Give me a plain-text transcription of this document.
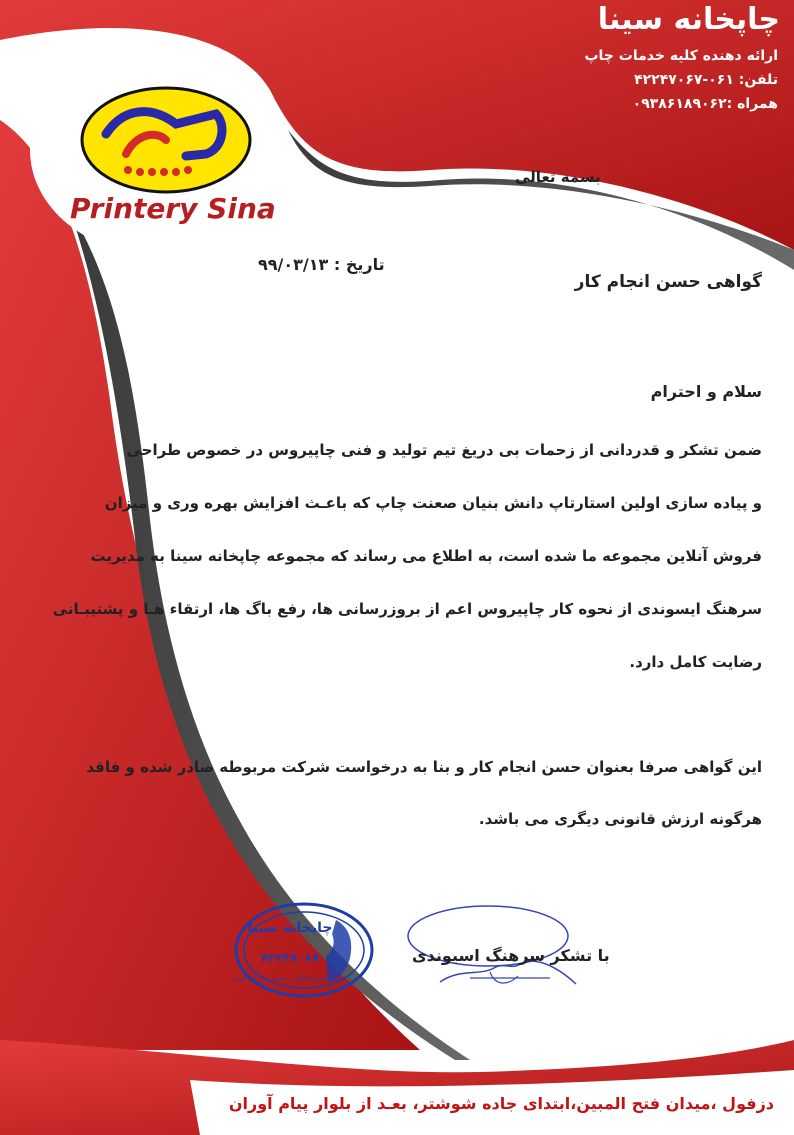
چاپخانه سینا
ارائه دهنده کلیه خدمات چاپ
تلفن: ۰۶۱-۴۲۲۴۷۰۶۷
همراه :۰۹۳۸۶۱۸۹۰۶۲
چاپ سینا
Printery Sina
بسمه تعالی
تاریخ : ۹۹/۰۳/۱۳
گواهی حسن انجام کار
سلام و احترام
ضمن تشکر و قدردانی از زحمات بی دریغ تیم تولید و فنی چاپیروس در خصوص طراحی
و پیاده سازی اولین استارتاپ دانش بنیان صعنت چاپ که باعـث افزایش بهره وری و میزان
فروش آنلاین مجموعه ما شده است، به اطلاع می رساند که مجموعه چاپخانه سینا به مدیریت
سرهنگ ایسوندی از نحوه کار چاپیروس اعم از بروزرسانی ها، رفع باگ ها، ارتقاء هـا و پشتیبـانی
رضایت کامل دارد.
این گواهی صرفا بعنوان حسن انجام کار و بنا به درخواست شرکت مربوطه صادر شده و فاقد
هرگونه ارزش قانونی دیگری می باشد.
چاپخانه سینا
۴۲۲۴۷۰۶۷
دزفول ، خیابان طالقانی ، بعد از بلوار پیام آوران
با تشکر سرهنگ اسیوندی
دزفول ،میدان فتح المبین،ابتدای جاده شوشتر، بعـد از بلوار پیام آوران
